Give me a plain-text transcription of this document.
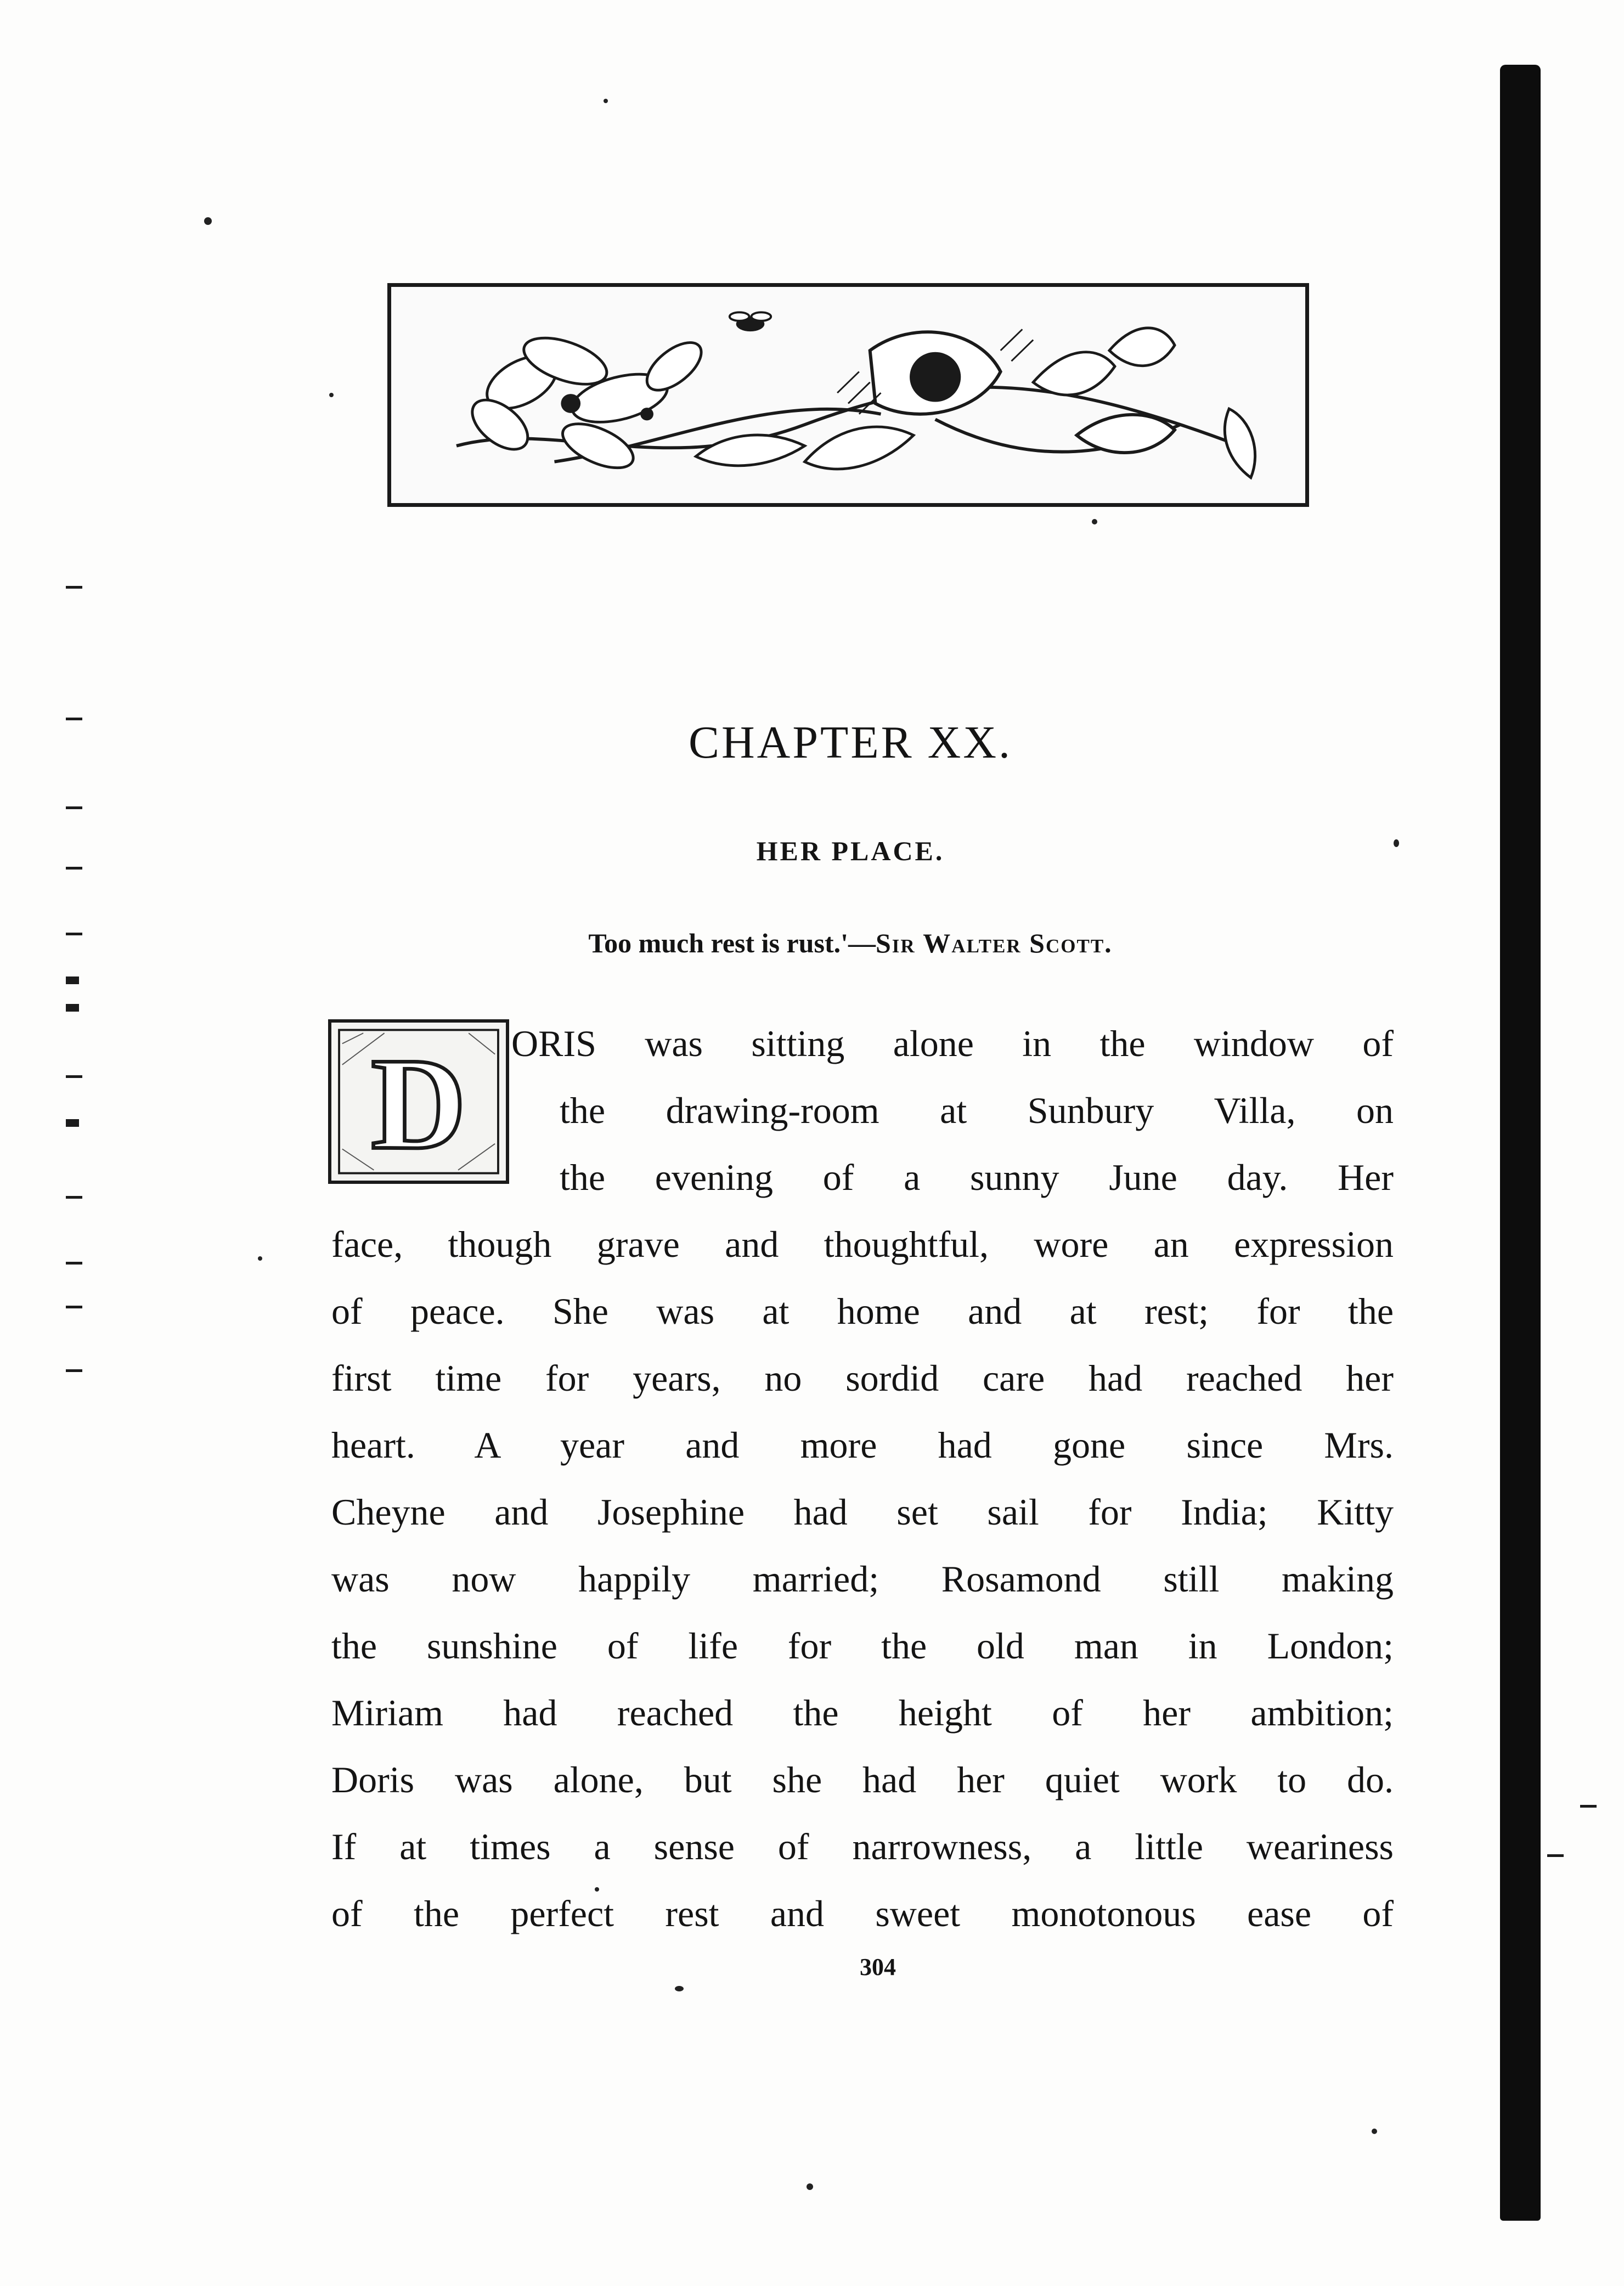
CHAPTER XX.
HER PLACE.
Too much rest is rust.'—Sir Walter Scott.
D ORIS was sitting alone in the window of
the drawing-room at Sunbury Villa, on
the evening of a sunny June day. Her
face, though grave and thoughtful, wore an expression
of peace. She was at home and at rest; for the
first time for years, no sordid care had reached her
heart. A year and more had gone since Mrs.
Cheyne and Josephine had set sail for India; Kitty
was now happily married; Rosamond still making
the sunshine of life for the old man in London;
Miriam had reached the height of her ambition;
Doris was alone, but she had her quiet work to do.
If at times a sense of narrowness, a little weariness
of the perfect rest and sweet monotonous ease of
304
